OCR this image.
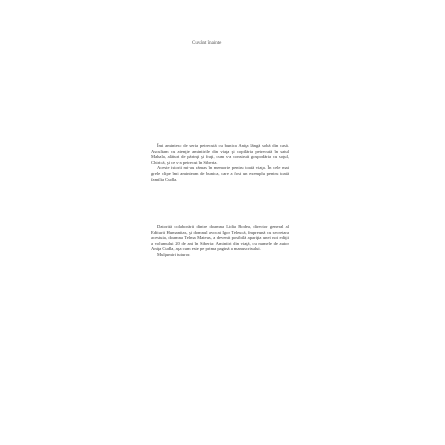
Cuvânt înainte

Îmi amintesc de seria petrecută cu bunica Aniţa lângă sobă din casă. Ascultam cu atenţie amintirile din viaţa şi copilăria petrecută în satul Mahala, alături de părinţi şi fraţi, cum s-a construit gospodăria cu soţul, Chirică, şi ce s-a petrecut în Siberia.

Aceste istorii mi-au rămas în memorie pentru toată viaţa. În cele mai grele clipe îmi aminteam de bunica, care a fost un exemplu pentru toată familia Cudla.

Datorită colaborării dintre doamna Lidia Bodea, director general al Editurii Humanitas, şi domnul avocat Igor Teleucă, împreună cu secretara acestuia, doamna Telma Mateus, a devenit posibilă apariţia unei noi ediţii a volumului 20 de ani în Siberia: Amintiri din viaţă, cu numele de autor Aniţa Cudla, aşa cum este pe prima pagină a manuscrisului.

Mulţumiri tuturor.
